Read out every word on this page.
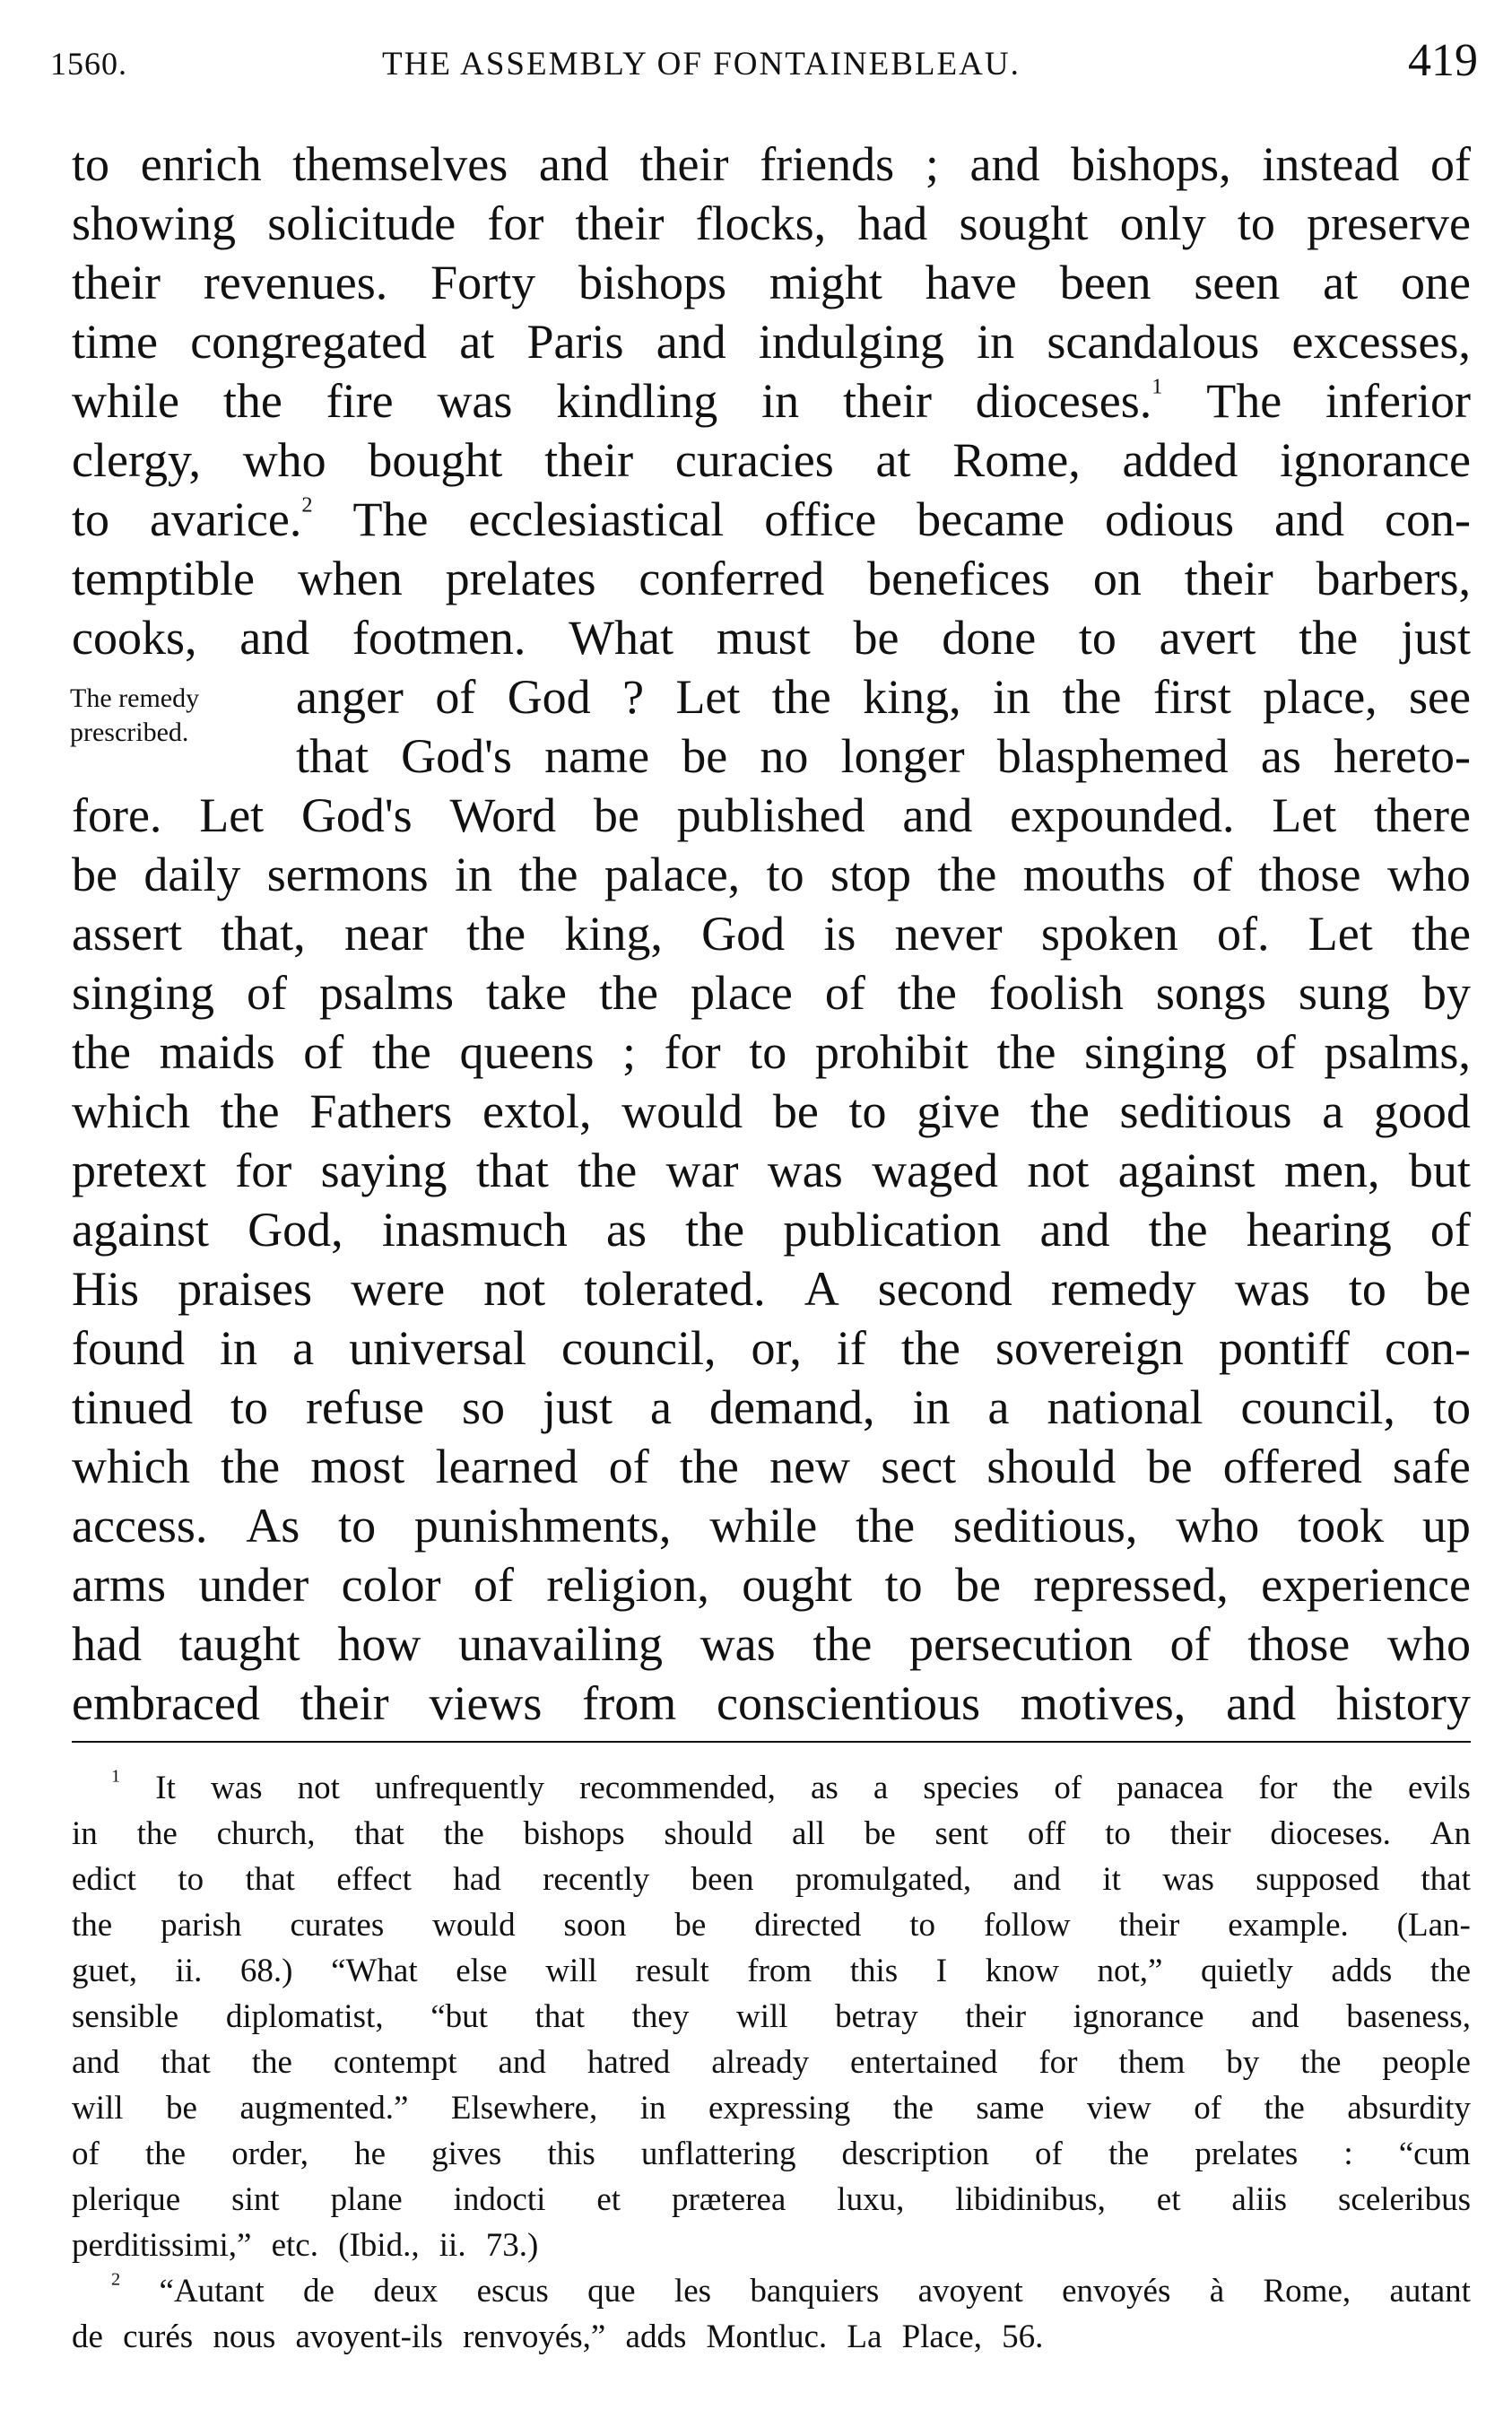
1560.	THE ASSEMBLY OF FONTAINEBLEAU.	419
The remedy
prescribed.
to enrich themselves and their friends ; and bishops, instead of
showing solicitude for their flocks, had sought only to preserve
their revenues. Forty bishops might have been seen at one
time congregated at Paris and indulging in scandalous excesses,
while the fire was kindling in their dioceses.$^1$ The inferior
clergy, who bought their curacies at Rome, added ignorance
to avarice.$^2$ The ecclesiastical office became odious and con-
temptible when prelates conferred benefices on their barbers,
cooks, and footmen. What must be done to avert the just
anger of God ? Let the king, in the first place, see
that God's name be no longer blasphemed as hereto-
fore. Let God's Word be published and expounded. Let there
be daily sermons in the palace, to stop the mouths of those who
assert that, near the king, God is never spoken of. Let the
singing of psalms take the place of the foolish songs sung by
the maids of the queens ; for to prohibit the singing of psalms,
which the Fathers extol, would be to give the seditious a good
pretext for saying that the war was waged not against men, but
against God, inasmuch as the publication and the hearing of
His praises were not tolerated. A second remedy was to be
found in a universal council, or, if the sovereign pontiff con-
tinued to refuse so just a demand, in a national council, to
which the most learned of the new sect should be offered safe
access. As to punishments, while the seditious, who took up
arms under color of religion, ought to be repressed, experience
had taught how unavailing was the persecution of those who
embraced their views from conscientious motives, and history
$^1$ It was not unfrequently recommended, as a species of panacea for the evils
in the church, that the bishops should all be sent off to their dioceses. An
edict to that effect had recently been promulgated, and it was supposed that
the parish curates would soon be directed to follow their example. (Lan-
guet, ii. 68.) “What else will result from this I know not,” quietly adds the
sensible diplomatist, “but that they will betray their ignorance and baseness,
and that the contempt and hatred already entertained for them by the people
will be augmented.” Elsewhere, in expressing the same view of the absurdity
of the order, he gives this unflattering description of the prelates : “cum
plerique sint plane indocti et præterea luxu, libidinibus, et aliis sceleribus
perditissimi,” etc. (Ibid., ii. 73.)
$^2$ “Autant de deux escus que les banquiers avoyent envoyés à Rome, autant
de curés nous avoyent-ils renvoyés,” adds Montluc. La Place, 56.
